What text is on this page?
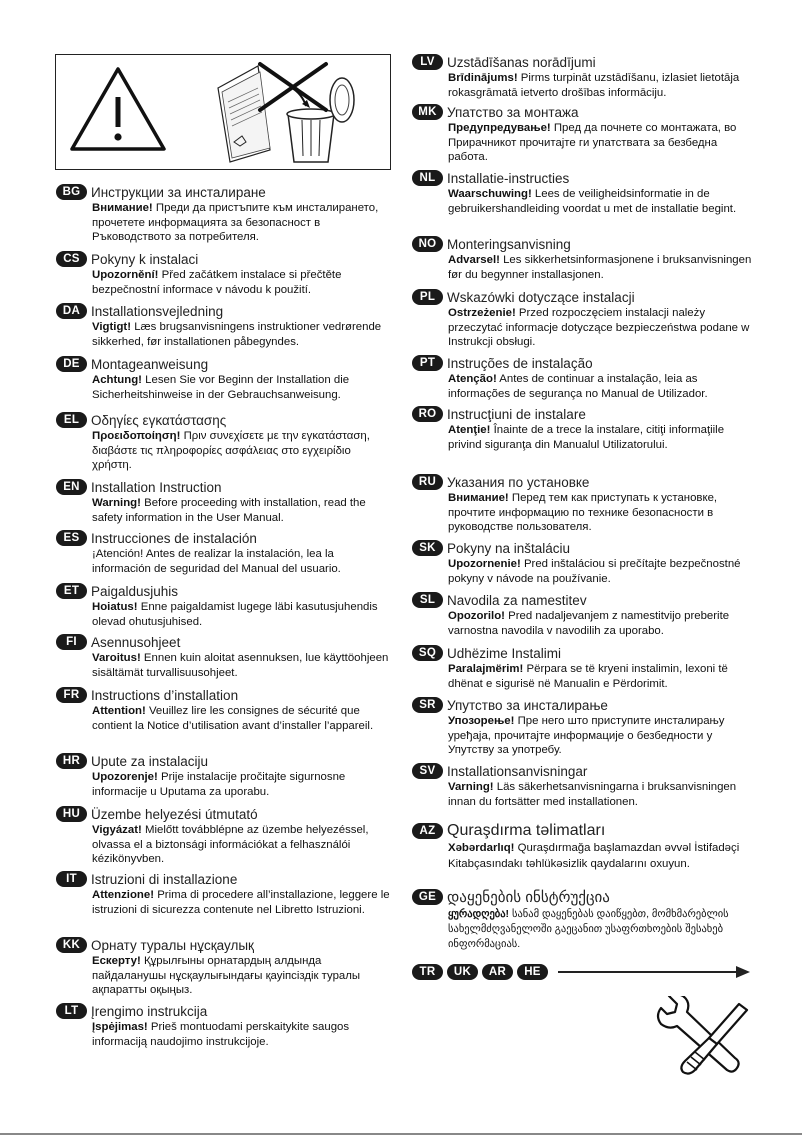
BG Инструкции за инсталиране
Внимание! Преди да пристъпите към инсталирането, прочетете информацията за безопасност в Ръководството за потребителя.
CS Pokyny k instalaci
Upozornění! Před začátkem instalace si přečtěte bezpečnostní informace v návodu k použití.
DA Installationsvejledning
Vigtigt! Læs brugsanvisningens instruktioner vedrørende sikkerhed, før installationen påbegyndes.
DE Montageanweisung
Achtung! Lesen Sie vor Beginn der Installation die Sicherheitshinweise in der Gebrauchsanweisung.
EL Οδηγίες εγκατάστασης
Προειδοποίηση! Πριν συνεχίσετε με την εγκατάσταση, διαβάστε τις πληροφορίες ασφάλειας στο εγχειρίδιο χρήστη.
EN Installation Instruction
Warning! Before proceeding with installation, read the safety information in the User Manual.
ES Instrucciones de instalación
¡Atención! Antes de realizar la instalación, lea la información de seguridad del Manual del usuario.
ET Paigaldusjuhis
Hoiatus! Enne paigaldamist lugege läbi kasutusjuhendis olevad ohutusjuhised.
FI	Asennusohjeet
Varoitus! Ennen kuin aloitat asennuksen, lue käyttöohjeen sisältämät turvallisuusohjeet.
FR Instructions d’installation
Attention! Veuillez lire les consignes de sécurité que contient la Notice d’utilisation avant d’installer l’appareil.
HR Upute za instalaciju
Upozorenje! Prije instalacije pročitajte sigurnosne informacije u Uputama za uporabu.
HU Üzembe helyezési útmutató
Vigyázat! Mielőtt továbblépne az üzembe helyezéssel, olvassa el a biztonsági információkat a felhasználói kézikönyvben.
IT	Istruzioni di installazione
Attenzione! Prima di procedere all’installazione, leggere le istruzioni di sicurezza contenute nel Libretto Istruzioni.
KK Орнату туралы нұсқаулық
Ескерту! Құрылғыны орнатардың алдында пайдаланушы нұсқаулығындағы қауіпсіздік туралы ақпаратты оқыңыз.
LT Įrengimo instrukcija
Įspėjimas! Prieš montuodami perskaitykite saugos informaciją naudojimo instrukcijoje.
LV Uzstādīšanas norādījumi
Brīdinājums! Pirms turpināt uzstādīšanu, izlasiet lietotāja rokasgrāmatā ietverto drošības informāciju.
MK Упатство за монтажа
Предупредување! Пред да почнете со монтажата, во Прирачникот прочитајте ги упатствата за безбедна работа.
NL Installatie-instructies
Waarschuwing! Lees de veiligheidsinformatie in de gebruikershandleiding voordat u met de installatie begint.
NO Monteringsanvisning
Advarsel! Les sikkerhetsinformasjonene i bruksanvisningen før du begynner installasjonen.
PL Wskazówki dotyczące instalacji
Ostrzeżenie! Przed rozpoczęciem instalacji należy przeczytać informacje dotyczące bezpieczeństwa podane w Instrukcji obsługi.
PT Instruções de instalação
Atenção! Antes de continuar a instalação, leia as informações de segurança no Manual de Utilizador.
RO Instrucţiuni de instalare
Atenţie! Înainte de a trece la instalare, citiţi informaţiile privind siguranţa din Manualul Utilizatorului.
RU Указания по установке
Внимание! Перед тем как приступать к установке, прочтите информацию по технике безопасности в руководстве пользователя.
SK Pokyny na inštaláciu
Upozornenie! Pred inštaláciou si prečítajte bezpečnostné pokyny v návode na používanie.
SL Navodila za namestitev
Opozorilo! Pred nadaljevanjem z namestitvijo preberite varnostna navodila v navodilih za uporabo.
SQ Udhëzime Instalimi
Paralajmërim! Përpara se të kryeni instalimin, lexoni të dhënat e sigurisë në Manualin e Përdorimit.
SR Упутство за инсталирање
Упозорење! Пре него што приступите инсталирању уређаја, прочитајте информације о безбедности у Упутству за употребу.
SV Installationsanvisningar
Varning! Läs säkerhetsanvisningarna i bruksanvisningen innan du fortsätter med installationen.
AZ Quraşdırma təlimatları
Xəbərdarlıq! Quraşdırmağa başlamazdan əvvəl İstifadəçi Kitabçasındakı təhlükəsizlik qaydalarını oxuyun.
GE დაყენების ინსტრუქცია
ყურადღება! სანამ დაყენებას დაიწყებთ, მომხმარებლის სახელმძღვანელოში გაეცანით უსაფრთხოების შესახებ ინფორმაციას.
TR	UK	AR	HE
